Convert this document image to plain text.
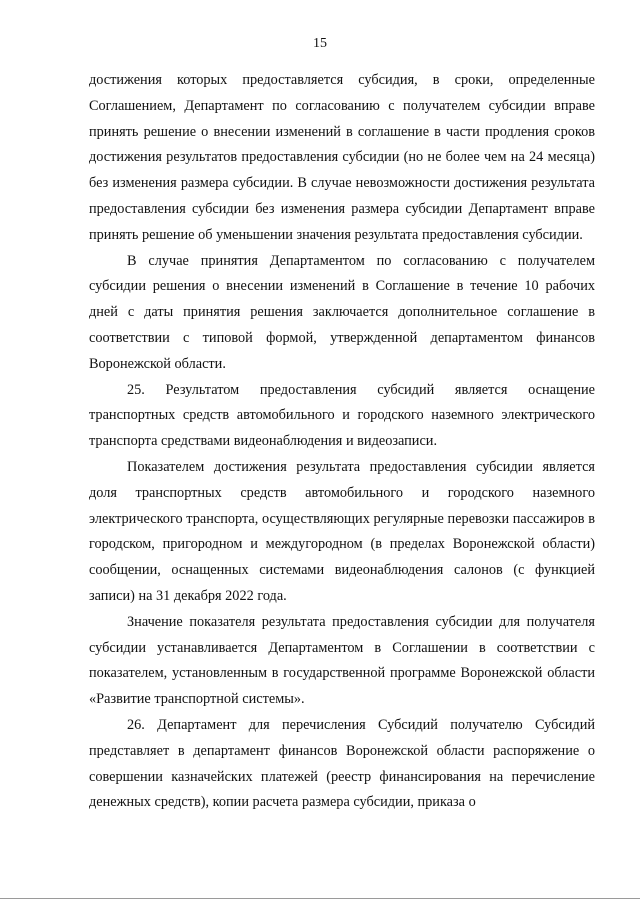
15

достижения которых предоставляется субсидия, в сроки, определенные Соглашением, Департамент по согласованию с получателем субсидии вправе принять решение о внесении изменений в соглашение в части продления сроков достижения результатов предоставления субсидии (но не более чем на 24 месяца) без изменения размера субсидии. В случае невозможности достижения результата предоставления субсидии без изменения размера субсидии Департамент вправе принять решение об уменьшении значения результата предоставления субсидии.

В случае принятия Департаментом по согласованию с получателем субсидии решения о внесении изменений в Соглашение в течение 10 рабочих дней с даты принятия решения заключается дополнительное соглашение в соответствии с типовой формой, утвержденной департаментом финансов Воронежской области.

25. Результатом предоставления субсидий является оснащение транспортных средств автомобильного и городского наземного электрического транспорта средствами видеонаблюдения и видеозаписи.

Показателем достижения результата предоставления субсидии является доля транспортных средств автомобильного и городского наземного электрического транспорта, осуществляющих регулярные перевозки пассажиров в городском, пригородном и междугородном (в пределах Воронежской области) сообщении, оснащенных системами видеонаблюдения салонов (с функцией записи) на 31 декабря 2022 года.

Значение показателя результата предоставления субсидии для получателя субсидии устанавливается Департаментом в Соглашении в соответствии с показателем, установленным в государственной программе Воронежской области «Развитие транспортной системы».

26. Департамент для перечисления Субсидий получателю Субсидий представляет в департамент финансов Воронежской области распоряжение о совершении казначейских платежей (реестр финансирования на перечисление денежных средств), копии расчета размера субсидии, приказа о
